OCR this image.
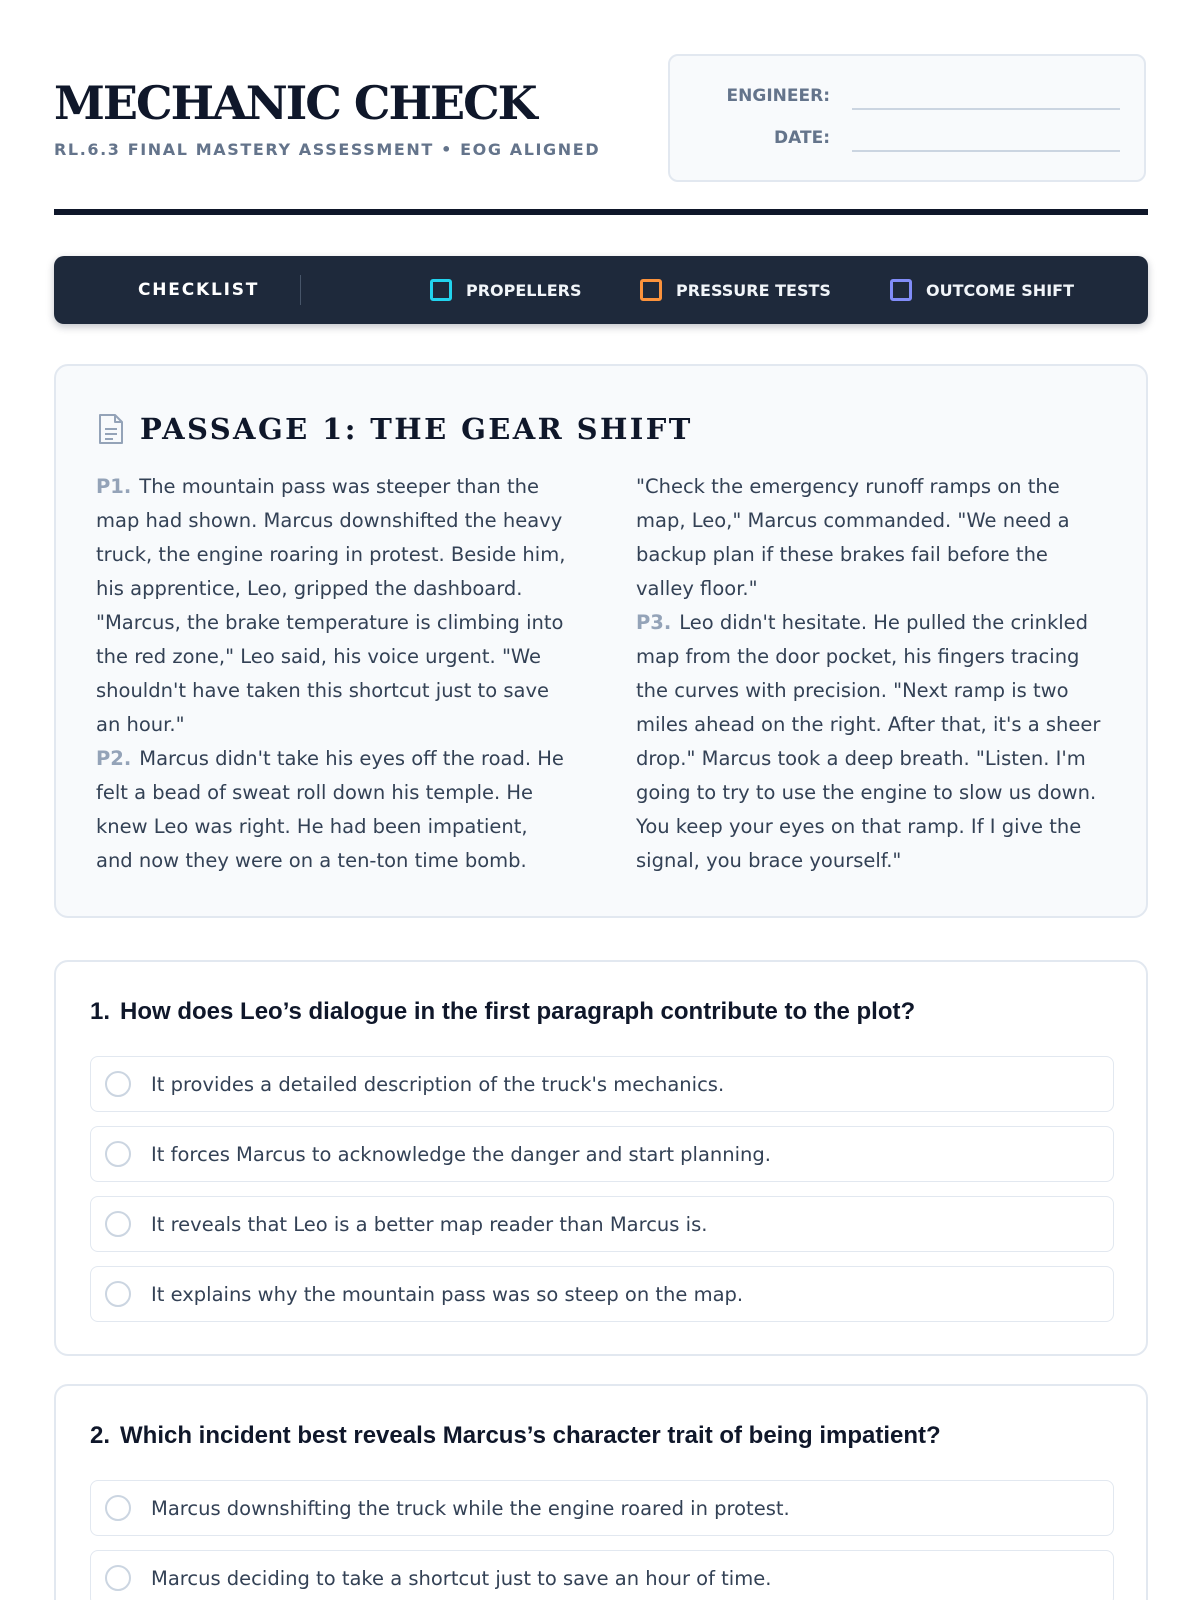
MECHANIC CHECK
RL.6.3 FINAL MASTERY ASSESSMENT • EOG ALIGNED
ENGINEER:
DATE:
CHECKLIST	PROPELLERS	PRESSURE TESTS	OUTCOME SHIFT
PASSAGE 1: THE GEAR SHIFT

P1. The mountain pass was steeper than the map had shown. Marcus downshifted the heavy truck, the engine roaring in protest. Beside him, his apprentice, Leo, gripped the dashboard. "Marcus, the brake temperature is climbing into the red zone," Leo said, his voice urgent. "We shouldn't have taken this shortcut just to save an hour."

P2. Marcus didn't take his eyes off the road. He felt a bead of sweat roll down his temple. He knew Leo was right. He had been impatient, and now they were on a ten-ton time bomb.

"Check the emergency runoff ramps on the map, Leo," Marcus commanded. "We need a backup plan if these brakes fail before the valley floor."

P3. Leo didn't hesitate. He pulled the crinkled map from the door pocket, his fingers tracing the curves with precision. "Next ramp is two miles ahead on the right. After that, it's a sheer drop." Marcus took a deep breath. "Listen. I'm going to try to use the engine to slow us down. You keep your eyes on that ramp. If I give the signal, you brace yourself."

1. How does Leo’s dialogue in the first paragraph contribute to the plot?
It provides a detailed description of the truck's mechanics.
It forces Marcus to acknowledge the danger and start planning.
It reveals that Leo is a better map reader than Marcus is.
It explains why the mountain pass was so steep on the map.
2. Which incident best reveals Marcus’s character trait of being impatient?
Marcus downshifting the truck while the engine roared in protest.
Marcus deciding to take a shortcut just to save an hour of time.
